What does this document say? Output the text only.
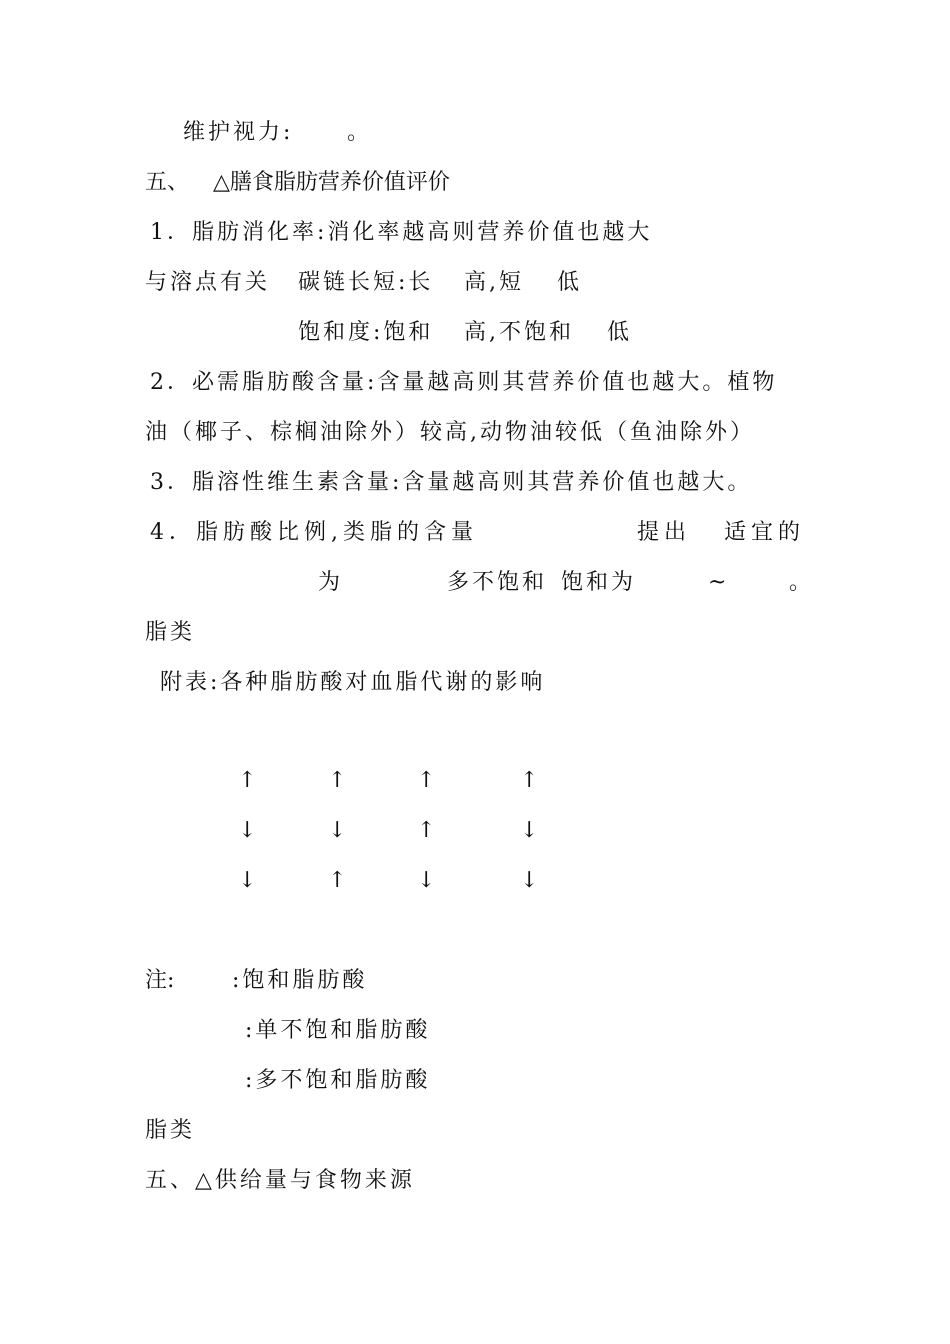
维护视力: 。
五、 △膳食脂肪营养价值评价
1．脂肪消化率:消化率越高则营养价值也越大
与溶点有关 碳链长短:长 高,短 低
饱和度:饱和 高,不饱和 低
2．必需脂肪酸含量:含量越高则其营养价值也越大。植物
油（椰子、棕榈油除外）较高,动物油较低（鱼油除外）
3．脂溶性维生素含量:含量越高则其营养价值也越大。
4．脂肪酸比例,类脂的含量	提出 适宜的
为	多不饱和 饱和为	~	。
脂类
附表:各种脂肪酸对血脂代谢的影响
↑	↑	↑	↑
↓	↓	↑	↓
↓	↑	↓	↓
注:	:饱和脂肪酸
:单不饱和脂肪酸
:多不饱和脂肪酸
脂类
五、△供给量与食物来源
